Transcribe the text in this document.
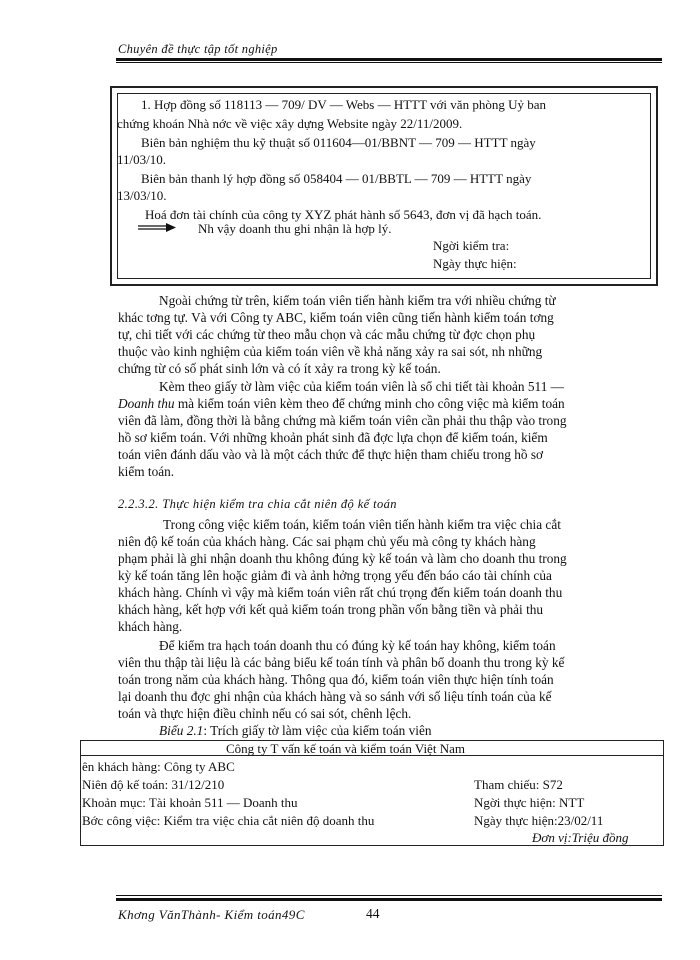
Chuyên đề thực tập tốt nghiệp
1. Hợp đồng số 118113 — 709/ DV — Webs — HTTT với văn phòng Uỷ ban
chứng khoán Nhà nớc về việc xây dựng Website ngày 22/11/2009.
Biên bản nghiệm thu kỹ thuật số 011604—01/BBNT — 709 — HTTT ngày
11/03/10.
Biên bản thanh lý hợp đồng số 058404 — 01/BBTL — 709 — HTTT ngày
13/03/10.
Hoá đơn tài chính của công ty XYZ phát hành số 5643, đơn vị đã hạch toán.
Nh vậy doanh thu ghi nhận là hợp lý.
Ngời kiểm tra:
Ngày thực hiện:
Ngoài chứng từ trên, kiểm toán viên tiến hành kiểm tra với nhiều chứng từ
khác tơng tự. Và với Công ty ABC, kiểm toán viên cũng tiến hành kiểm toán tơng
tự, chi tiết với các chứng từ theo mẫu chọn và các mẫu chứng từ đợc chọn phụ
thuộc vào kinh nghiệm của kiểm toán viên về khả năng xảy ra sai sót, nh những
chứng từ có số phát sinh lớn và có ít xảy ra trong kỳ kế toán.
Kèm theo giấy tờ làm việc của kiểm toán viên là sổ chi tiết tài khoản 511 —
Doanh thu mà kiểm toán viên kèm theo để chứng minh cho công việc mà kiểm toán
viên đã làm, đồng thời là bằng chứng mà kiểm toán viên cần phải thu thập vào trong
hồ sơ kiểm toán. Với những khoản phát sinh đã đợc lựa chọn để kiểm toán, kiểm
toán viên đánh dấu vào và là một cách thức để thực hiện tham chiếu trong hồ sơ
kiểm toán.
2.2.3.2. Thực hiện kiểm tra chia cắt niên độ kế toán
Trong công việc kiểm toán, kiểm toán viên tiến hành kiểm tra việc chia cắt
niên độ kế toán của khách hàng. Các sai phạm chủ yếu mà công ty khách hàng
phạm phải là ghi nhận doanh thu không đúng kỳ kế toán và làm cho doanh thu trong
kỳ kế toán tăng lên hoặc giảm đi và ảnh hởng trọng yếu đến báo cáo tài chính của
khách hàng. Chính vì vậy mà kiểm toán viên rất chú trọng đến kiểm toán doanh thu
khách hàng, kết hợp với kết quả kiểm toán trong phần vốn bằng tiền và phải thu
khách hàng.
Để kiểm tra hạch toán doanh thu có đúng kỳ kế toán hay không, kiểm toán
viên thu thập tài liệu là các bảng biểu kế toán tính và phân bổ doanh thu trong kỳ kế
toán trong năm của khách hàng. Thông qua đó, kiểm toán viên thực hiện tính toán
lại doanh thu đợc ghi nhận của khách hàng và so sánh với số liệu tính toán của kế
toán và thực hiện điều chỉnh nếu có sai sót, chênh lệch.
Biểu 2.1: Trích giấy tờ làm việc của kiểm toán viên
Công ty T vấn kế toán và kiểm toán Việt Nam
ên khách hàng: Công ty ABC
Niên độ kế toán: 31/12/210
Khoản mục: Tài khoản 511 — Doanh thu
Bớc công việc: Kiểm tra việc chia cắt niên độ doanh thu
Tham chiếu: S72
Ngời thực hiện: NTT
Ngày thực hiện:23/02/11
Đơn vị:Triệu đồng
Khơng VănThành- Kiểm toán49C	44
